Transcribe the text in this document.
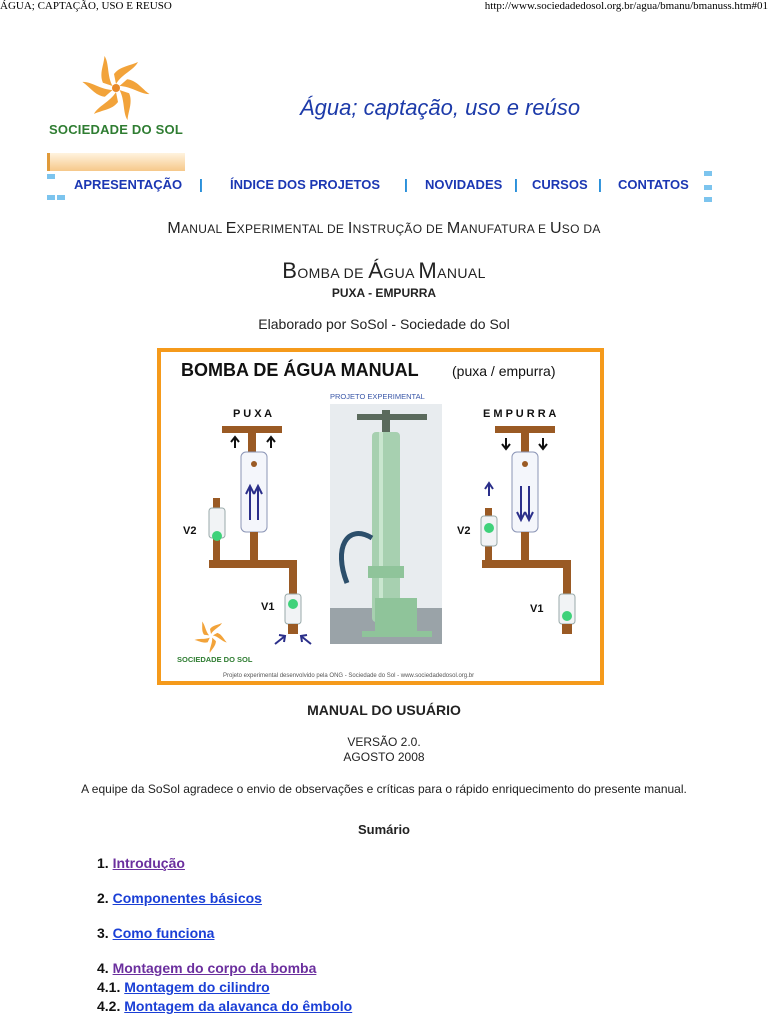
ÁGUA; CAPTAÇÃO, USO E REUSO	http://www.sociedadedosol.org.br/agua/bmanu/bmanuss.htm#01
SOCIEDADE DO SOL
Água; captação, uso e reúso
APRESENTAÇÃO | ÍNDICE DOS PROJETOS | NOVIDADES | CURSOS | CONTATOS
MANUAL EXPERIMENTAL DE INSTRUÇÃO DE MANUFATURA E USO DA
BOMBA DE ÁGUA MANUAL
PUXA - EMPURRA
Elaborado por SoSol - Sociedade do Sol
BOMBA DE ÁGUA MANUAL (puxa / empurra)
PROJETO EXPERIMENTAL
P U X A
V2
V1
E M P U R R A
V2
V1
SOCIEDADE DO SOL
Projeto experimental desenvolvido pela ONG - Sociedade do Sol - www.sociedadedosol.org.br
MANUAL DO USUÁRIO
VERSÃO 2.0.
AGOSTO 2008
A equipe da SoSol agradece o envio de observações e críticas para o rápido enriquecimento do presente manual.
Sumário
1. Introdução
2. Componentes básicos
3. Como funciona
4. Montagem do corpo da bomba
4.1. Montagem do cilindro
4.2. Montagem da alavanca do êmbolo
